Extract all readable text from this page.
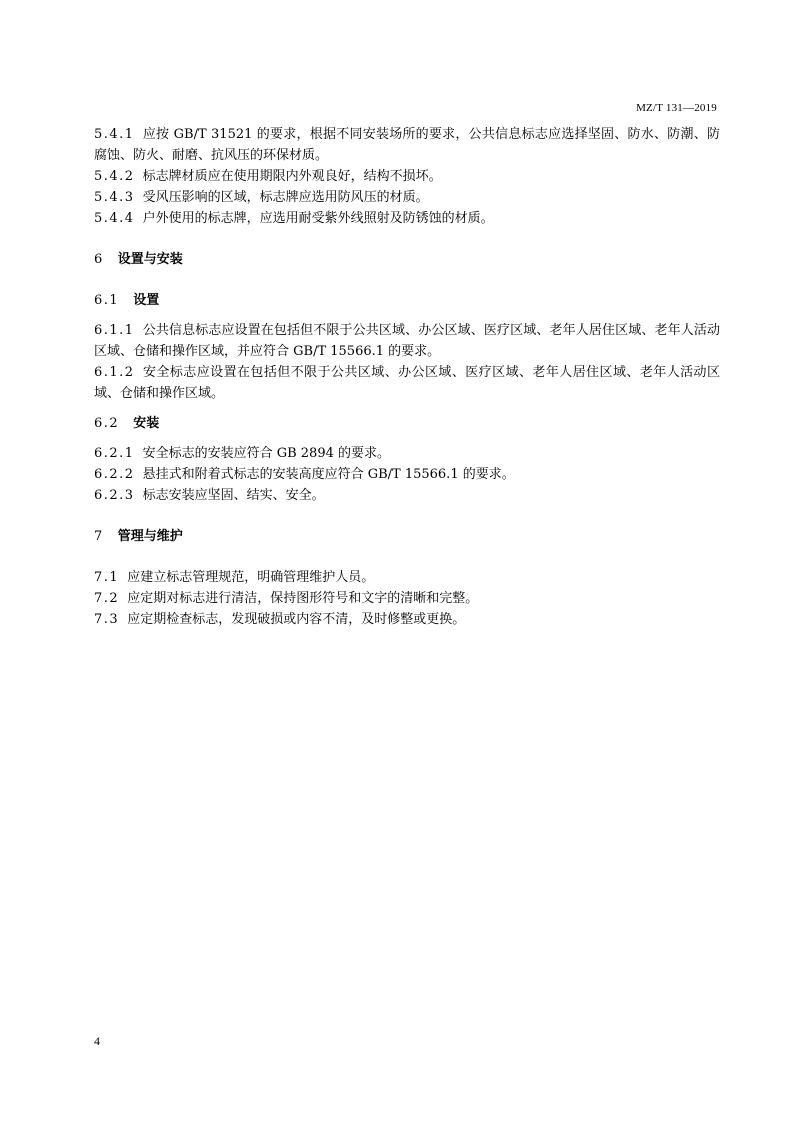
MZ/T 131—2019

5.4.1 应按 GB/T 31521 的要求，根据不同安装场所的要求，公共信息标志应选择坚固、防水、防潮、防腐蚀、防火、耐磨、抗风压的环保材质。

5.4.2 标志牌材质应在使用期限内外观良好，结构不损坏。

5.4.3 受风压影响的区域，标志牌应选用防风压的材质。

5.4.4 户外使用的标志牌，应选用耐受紫外线照射及防锈蚀的材质。

6 设置与安装
6.1 设置

6.1.1 公共信息标志应设置在包括但不限于公共区域、办公区域、医疗区域、老年人居住区域、老年人活动区域、仓储和操作区域，并应符合 GB/T 15566.1 的要求。

6.1.2 安全标志应设置在包括但不限于公共区域、办公区域、医疗区域、老年人居住区域、老年人活动区域、仓储和操作区域。

6.2 安装

6.2.1 安全标志的安装应符合 GB 2894 的要求。

6.2.2 悬挂式和附着式标志的安装高度应符合 GB/T 15566.1 的要求。

6.2.3 标志安装应坚固、结实、安全。

7 管理与维护

7.1 应建立标志管理规范，明确管理维护人员。

7.2 应定期对标志进行清洁，保持图形符号和文字的清晰和完整。

7.3 应定期检查标志，发现破损或内容不清，及时修整或更换。

4
